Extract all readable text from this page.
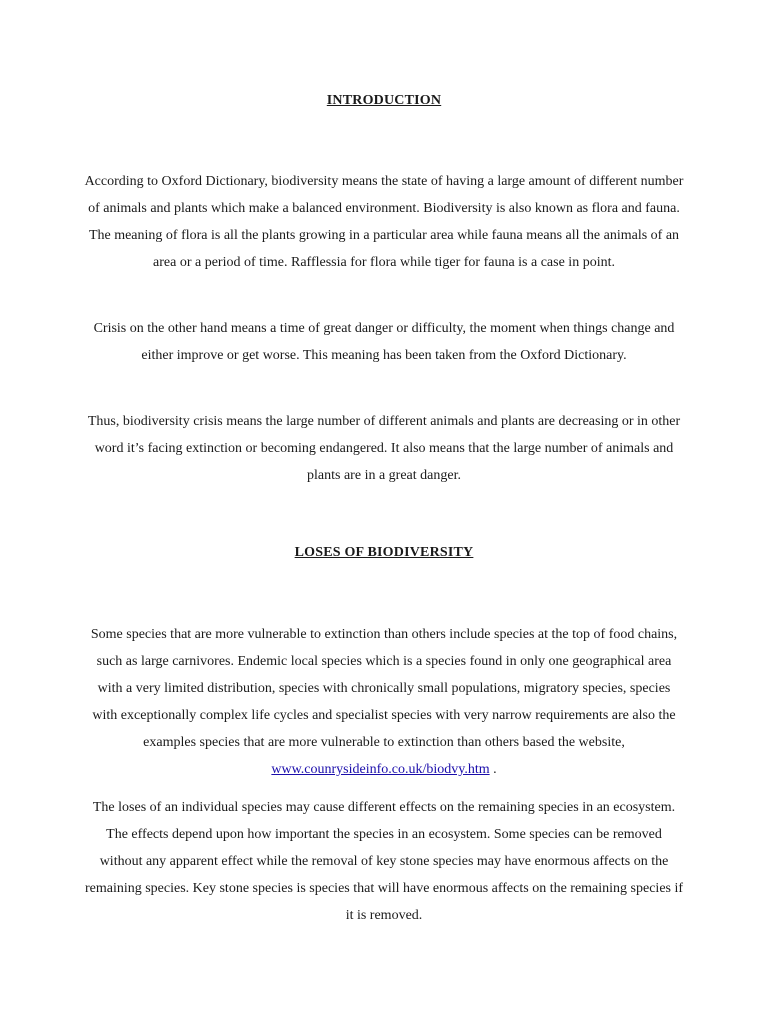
INTRODUCTION

According to Oxford Dictionary, biodiversity means the state of having a large amount of different number of animals and plants which make a balanced environment. Biodiversity is also known as flora and fauna. The meaning of flora is all the plants growing in a particular area while fauna means all the animals of an area or a period of time. Rafflessia for flora while tiger for fauna is a case in point.

Crisis on the other hand means a time of great danger or difficulty, the moment when things change and either improve or get worse. This meaning has been taken from the Oxford Dictionary.

Thus, biodiversity crisis means the large number of different animals and plants are decreasing or in other word it’s facing extinction or becoming endangered. It also means that the large number of animals and plants are in a great danger.

LOSES OF BIODIVERSITY

Some species that are more vulnerable to extinction than others include species at the top of food chains, such as large carnivores. Endemic local species which is a species found in only one geographical area with a very limited distribution, species with chronically small populations, migratory species, species with exceptionally complex life cycles and specialist species with very narrow requirements are also the examples species that are more vulnerable to extinction than others based the website, www.counrysideinfo.co.uk/biodvy.htm .

The loses of an individual species may cause different effects on the remaining species in an ecosystem. The effects depend upon how important the species in an ecosystem. Some species can be removed without any apparent effect while the removal of key stone species may have enormous affects on the remaining species. Key stone species is species that will have enormous affects on the remaining species if it is removed.
